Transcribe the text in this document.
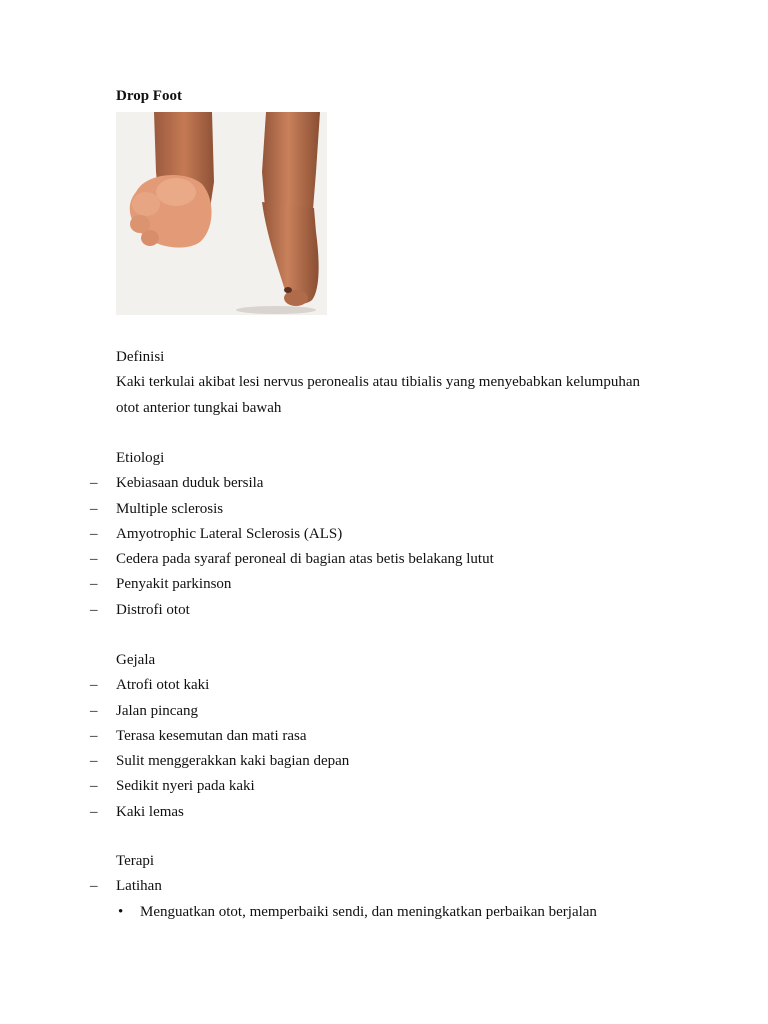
Drop Foot
Definisi
Kaki terkulai akibat lesi nervus peronealis atau tibialis yang menyebabkan kelumpuhan
otot anterior tungkai bawah
Etiologi
– Kebiasaan duduk bersila
– Multiple sclerosis
– Amyotrophic Lateral Sclerosis (ALS)
– Cedera pada syaraf peroneal di bagian atas betis belakang lutut
– Penyakit parkinson
– Distrofi otot
Gejala
– Atrofi otot kaki
– Jalan pincang
– Terasa kesemutan dan mati rasa
– Sulit menggerakkan kaki bagian depan
– Sedikit nyeri pada kaki
– Kaki lemas
Terapi
– Latihan
• Menguatkan otot, memperbaiki sendi, dan meningkatkan perbaikan berjalan
